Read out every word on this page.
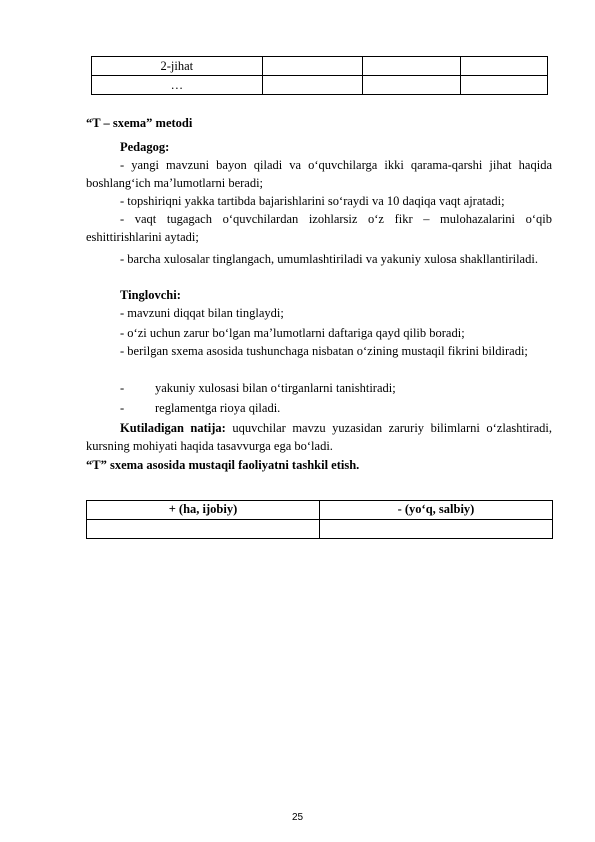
2-jihat			
…			
“T – sxema” metodi
Pedagog:
- yangi mavzuni bayon qiladi va o‘quvchilarga ikki qarama-qarshi jihat haqida boshlang‘ich ma’lumotlarni beradi;
- topshiriqni yakka tartibda bajarishlarini so‘raydi va 10 daqiqa vaqt ajratadi;
- vaqt tugagach o‘quvchilardan izohlarsiz o‘z fikr – mulohazalarini o‘qib eshittirishlarini aytadi;
- barcha xulosalar tinglangach, umumlashtiriladi va yakuniy xulosa shakllantiriladi.
Tinglovchi:
- mavzuni diqqat bilan tinglaydi;
- o‘zi uchun zarur bo‘lgan ma’lumotlarni daftariga qayd qilib boradi;
- berilgan sxema asosida tushunchaga nisbatan o‘zining mustaqil fikrini bildiradi;
- yakuniy xulosasi bilan o‘tirganlarni tanishtiradi;
- reglamentga rioya qiladi.
Kutiladigan natija: uquvchilar mavzu yuzasidan zaruriy bilimlarni o‘zlashtiradi, kursning mohiyati haqida tasavvurga ega bo‘ladi.
“T” sxema asosida mustaqil faoliyatni tashkil etish.
+ (ha, ijobiy)	- (yo‘q, salbiy)

25
